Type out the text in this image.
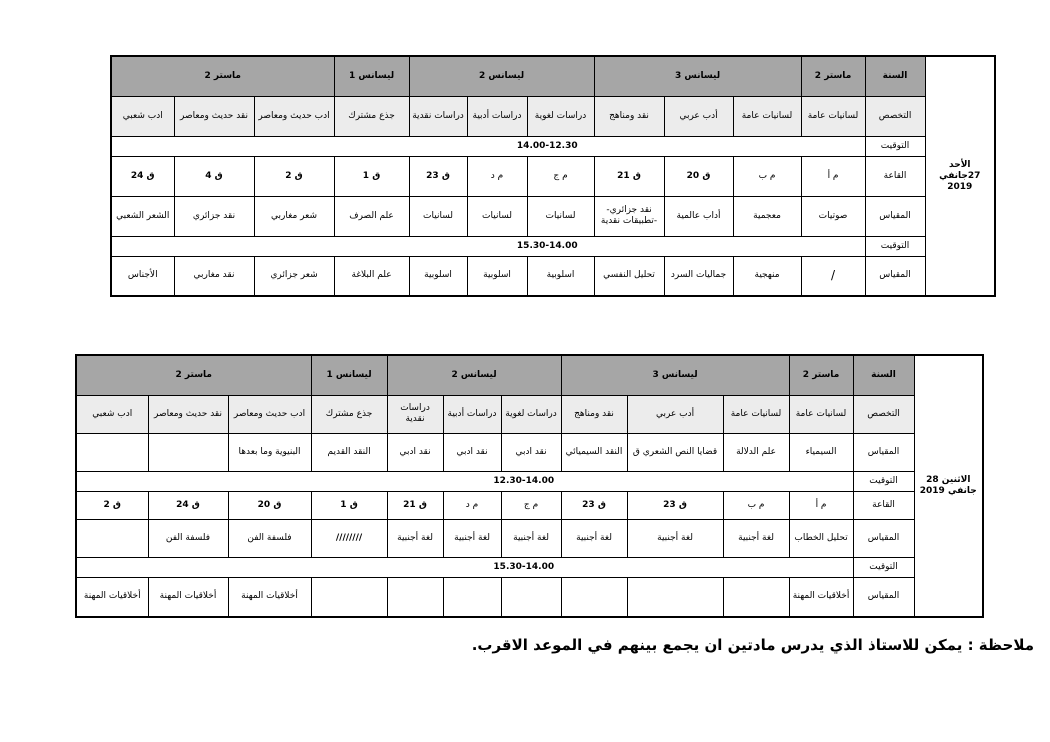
2 ماستر			1 ليسانس	2 ليسانس			3 ليسانس			2 ماستر	السنة	الأحد 27جانفي 2019
ادب شعبي	نقد حديث ومعاصر	ادب حديث ومعاصر	جذع مشترك	دراسات نقدية	دراسات أدبية	دراسات لغوية	نقد ومناهج	أدب عربي	لسانيات عامة	لسانيات عامة	التخصص	
14.00-12.30											التوقيت	
ق 24	ق 4	ق 2	ق 1	ق 23	م د	م ج	ق 21	ق 20	م ب	م أ	القاعة	
الشعر الشعبي	نقد جزائري	شعر مغاربي	علم الصرف	لسانيات	لسانيات	لسانيات	-نقد جزائري -تطبيقات نقدية	أداب عالمية	معجمية	صوتيات	المقياس	
15.30-14.00											التوقيت	
الأجناس	نقد مغاربي	شعر جزائري	علم البلاغة	اسلوبية	اسلوبية	اسلوبية	تحليل النفسي	جماليات السرد	منهجية	/	المقياس	
2 ماستر			1 ليسانس	2 ليسانس			3 ليسانس			2 ماستر	السنة	الاثنين 28 جانفي 2019
ادب شعبي	نقد حديث ومعاصر	ادب حديث ومعاصر	جذع مشترك	دراسات نقدية	دراسات أدبية	دراسات لغوية	نقد ومناهج	أدب عربي	لسانيات عامة	لسانيات عامة	التخصص	
		البنيوية وما بعدها	النقد القديم	نقد ادبي	نقد ادبي	نقد ادبي	النقد السيميائي	قضايا النص الشعري ق	علم الدلالة	السيمياء	المقياس	
12.30-14.00											التوقيت	
ق 2	ق 24	ق 20	ق 1	ق 21	م د	م ج	ق 23	ق 23	م ب	م أ	القاعة	
	فلسفة الفن	فلسفة الفن	////////	لغة أجنبية	لغة أجنبية	لغة أجنبية	لغة أجنبية	لغة أجنبية	لغة أجنبية	تحليل الخطاب	المقياس	
15.30-14.00											التوقيت	
أخلاقيات المهنة	أخلاقيات المهنة	أخلاقيات المهنة								أخلاقيات المهنة	المقياس	
ملاحظة : يمكن للاستاذ الذي يدرس مادتين ان يجمع بينهم في الموعد الاقرب.
